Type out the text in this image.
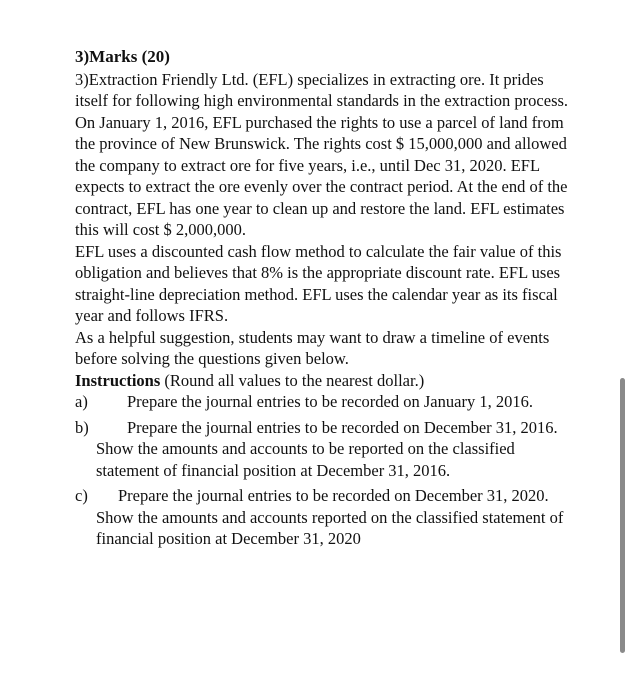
3)Marks (20)
3)Extraction Friendly Ltd. (EFL) specializes in extracting ore. It prides itself for following high environmental standards in the extraction process. On January 1, 2016, EFL purchased the rights to use a parcel of land from the province of New Brunswick. The rights cost $ 15,000,000 and allowed the company to extract ore for five years, i.e., until Dec 31, 2020. EFL expects to extract the ore evenly over the contract period. At the end of the contract, EFL has one year to clean up and restore the land. EFL estimates this will cost $ 2,000,000.
EFL uses a discounted cash flow method to calculate the fair value of this obligation and believes that 8% is the appropriate discount rate. EFL uses straight-line depreciation method. EFL uses the calendar year as its fiscal year and follows IFRS.
As a helpful suggestion, students may want to draw a timeline of events before solving the questions given below.
Instructions (Round all values to the nearest dollar.)
a)	Prepare the journal entries to be recorded on January 1, 2016.
b)	Prepare the journal entries to be recorded on December 31, 2016. Show the amounts and accounts to be reported on the classified statement of financial position at December 31, 2016.
c)	Prepare the journal entries to be recorded on December 31, 2020. Show the amounts and accounts reported on the classified statement of financial position at December 31, 2020
